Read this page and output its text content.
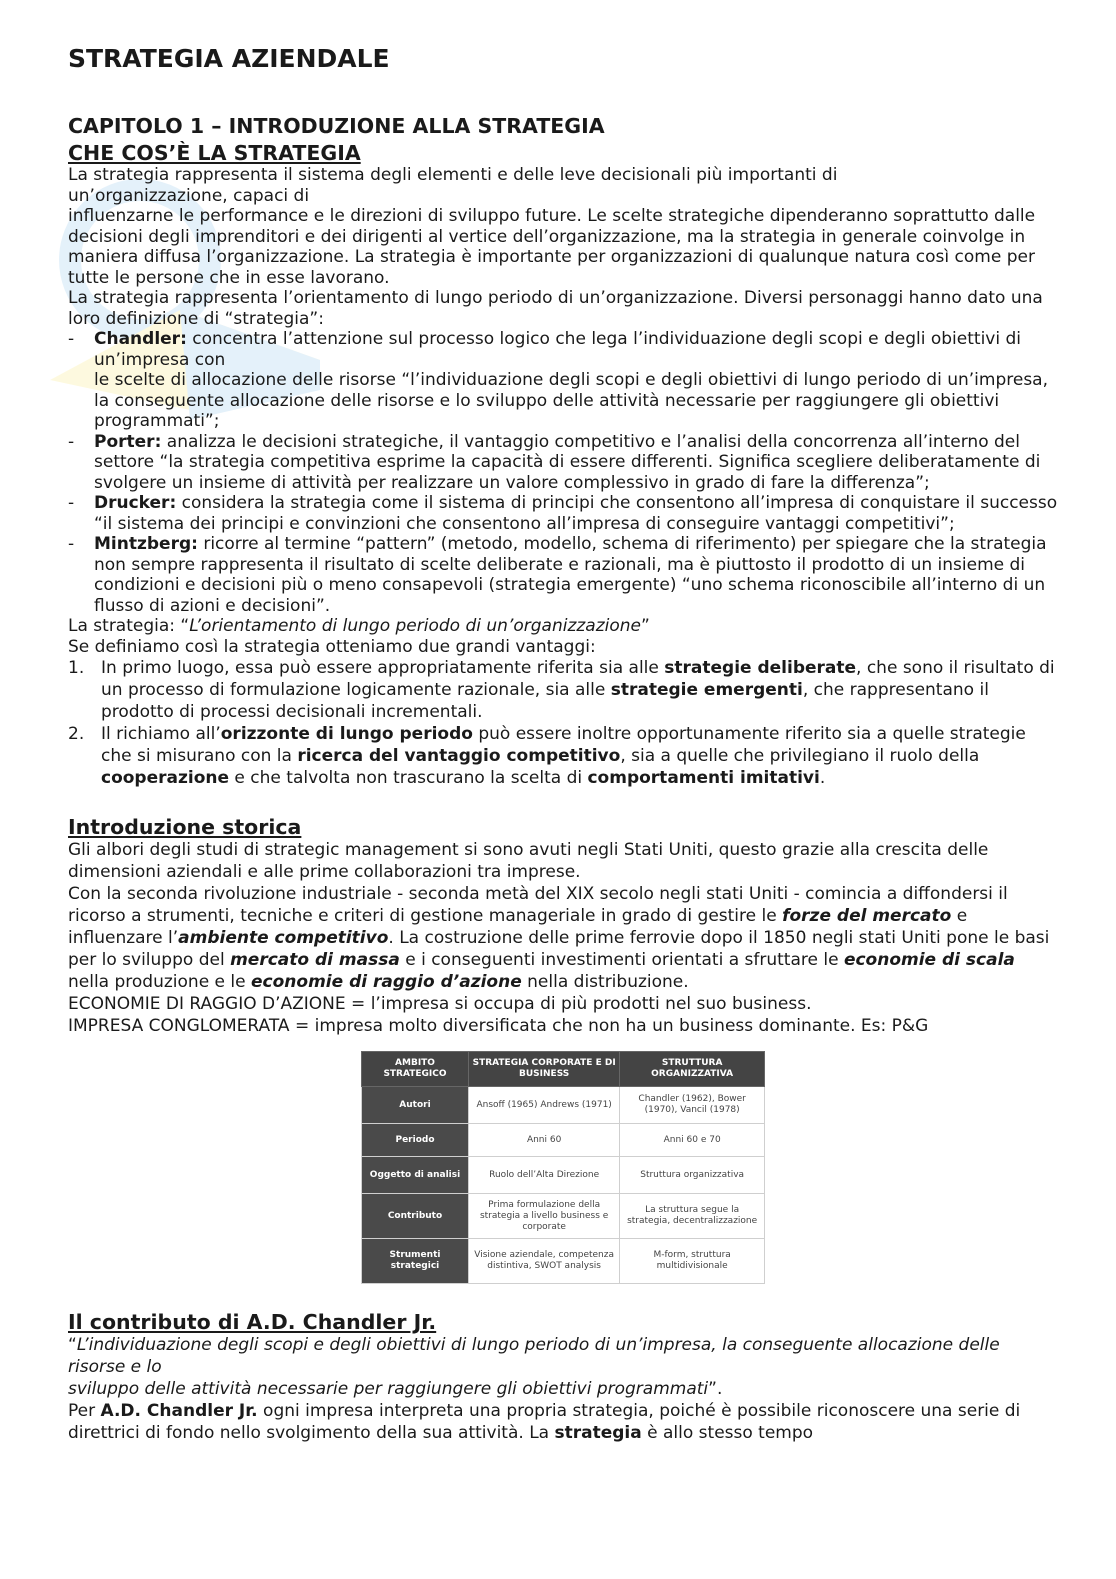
STRATEGIA AZIENDALE
CAPITOLO 1 – INTRODUZIONE ALLA STRATEGIA
CHE COS’È LA STRATEGIA

La strategia rappresenta il sistema degli elementi e delle leve decisionali più importanti di
un’organizzazione, capaci di
influenzarne le performance e le direzioni di sviluppo future. Le scelte strategiche dipenderanno soprattutto dalle decisioni degli imprenditori e dei dirigenti al vertice dell’organizzazione, ma la strategia in generale coinvolge in maniera diffusa l’organizzazione. La strategia è importante per organizzazioni di qualunque natura così come per tutte le persone che in esse lavorano.

La strategia rappresenta l’orientamento di lungo periodo di un’organizzazione. Diversi personaggi hanno dato una loro definizione di “strategia”:

- Chandler: concentra l’attenzione sul processo logico che lega l’individuazione degli scopi e degli obiettivi di un’impresa con
le scelte di allocazione delle risorse “l’individuazione degli scopi e degli obiettivi di lungo periodo di un’impresa, la conseguente allocazione delle risorse e lo sviluppo delle attività necessarie per raggiungere gli obiettivi programmati”;
- Porter: analizza le decisioni strategiche, il vantaggio competitivo e l’analisi della concorrenza all’interno del settore “la strategia competitiva esprime la capacità di essere differenti. Significa scegliere deliberatamente di svolgere un insieme di attività per realizzare un valore complessivo in grado di fare la differenza”;
- Drucker: considera la strategia come il sistema di principi che consentono all’impresa di conquistare il successo “il sistema dei principi e convinzioni che consentono all’impresa di conseguire vantaggi competitivi”;
- Mintzberg: ricorre al termine “pattern” (metodo, modello, schema di riferimento) per spiegare che la strategia non sempre rappresenta il risultato di scelte deliberate e razionali, ma è piuttosto il prodotto di un insieme di condizioni e decisioni più o meno consapevoli (strategia emergente) “uno schema riconoscibile all’interno di un flusso di azioni e decisioni”.

La strategia: “L’orientamento di lungo periodo di un’organizzazione”

Se definiamo così la strategia otteniamo due grandi vantaggi:

1. In primo luogo, essa può essere appropriatamente riferita sia alle strategie deliberate, che sono il risultato di un processo di formulazione logicamente razionale, sia alle strategie emergenti, che rappresentano il prodotto di processi decisionali incrementali.
2. Il richiamo all’orizzonte di lungo periodo può essere inoltre opportunamente riferito sia a quelle strategie che si misurano con la ricerca del vantaggio competitivo, sia a quelle che privilegiano il ruolo della cooperazione e che talvolta non trascurano la scelta di comportamenti imitativi.
Introduzione storica

Gli albori degli studi di strategic management si sono avuti negli Stati Uniti, questo grazie alla crescita delle dimensioni aziendali e alle prime collaborazioni tra imprese.

Con la seconda rivoluzione industriale - seconda metà del XIX secolo negli stati Uniti - comincia a diffondersi il ricorso a strumenti, tecniche e criteri di gestione manageriale in grado di gestire le forze del mercato e influenzare l’ambiente competitivo. La costruzione delle prime ferrovie dopo il 1850 negli stati Uniti pone le basi per lo sviluppo del mercato di massa e i conseguenti investimenti orientati a sfruttare le economie di scala nella produzione e le economie di raggio d’azione nella distribuzione.

ECONOMIE DI RAGGIO D’AZIONE = l’impresa si occupa di più prodotti nel suo business.

IMPRESA CONGLOMERATA = impresa molto diversificata che non ha un business dominante. Es: P&G

AMBITO STRATEGICO	STRATEGIA CORPORATE E DI BUSINESS	STRUTTURA ORGANIZZATIVA
Autori	Ansoff (1965) Andrews (1971)	Chandler (1962), Bower (1970), Vancil (1978)
Periodo	Anni 60	Anni 60 e 70
Oggetto di analisi	Ruolo dell’Alta Direzione	Struttura organizzativa
Contributo	Prima formulazione della strategia a livello business e corporate	La struttura segue la strategia, decentralizzazione
Strumenti strategici	Visione aziendale, competenza distintiva, SWOT analysis	M-form, struttura multidivisionale
Il contributo di A.D. Chandler Jr.

“L’individuazione degli scopi e degli obiettivi di lungo periodo di un’impresa, la conseguente allocazione delle risorse e lo
sviluppo delle attività necessarie per raggiungere gli obiettivi programmati”.

Per A.D. Chandler Jr. ogni impresa interpreta una propria strategia, poiché è possibile riconoscere una serie di direttrici di fondo nello svolgimento della sua attività. La strategia è allo stesso tempo
